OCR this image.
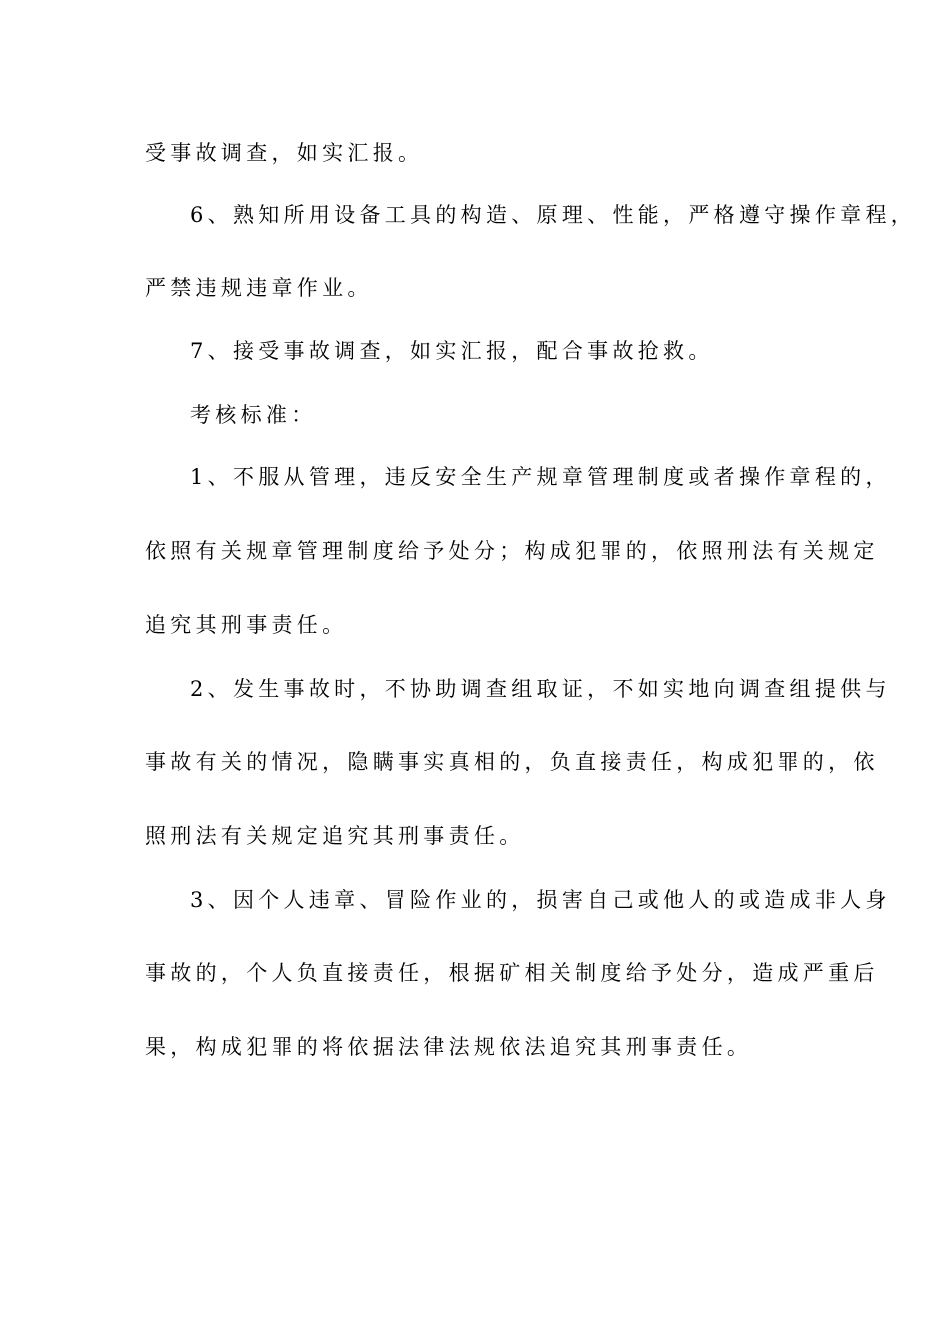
受事故调查，如实汇报。

6、熟知所用设备工具的构造、原理、性能，严格遵守操作章程，

严禁违规违章作业。

7、接受事故调查，如实汇报，配合事故抢救。

考核标准：

1、不服从管理，违反安全生产规章管理制度或者操作章程的，

依照有关规章管理制度给予处分；构成犯罪的，依照刑法有关规定

追究其刑事责任。

2、发生事故时，不协助调查组取证，不如实地向调查组提供与

事故有关的情况，隐瞒事实真相的，负直接责任，构成犯罪的，依

照刑法有关规定追究其刑事责任。

3、因个人违章、冒险作业的，损害自己或他人的或造成非人身

事故的，个人负直接责任，根据矿相关制度给予处分，造成严重后

果，构成犯罪的将依据法律法规依法追究其刑事责任。
